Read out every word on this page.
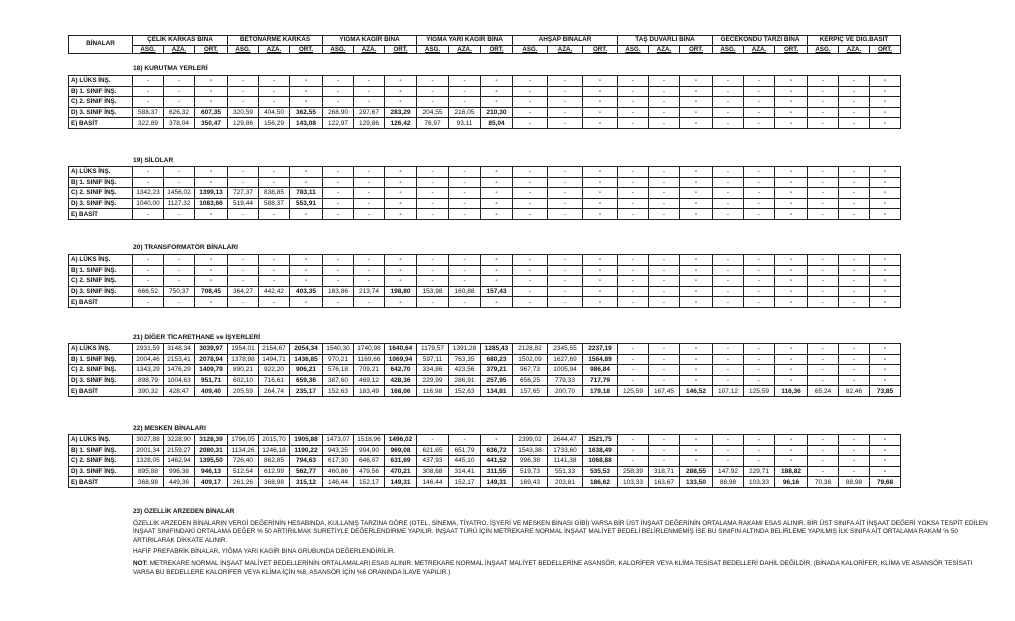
BİNALAR	ÇELİK KARKAS BİNA			BETONARME KARKAS			YIĞMA KAGİR BİNA			YIĞMA YARI KAGİR BİNA			AHŞAP BİNALAR			TAŞ DUVARLI BİNA			GECEKONDU TARZI BİNA			KERPİÇ VE DİĞ.BASİT		
	ASG.	AZA.	ORT.	ASG.	AZA.	ORT.	ASG.	AZA.	ORT.	ASG.	AZA.	ORT.	ASG.	AZA.	ORT.	ASG.	AZA.	ORT.	ASG.	AZA.	ORT.	ASG.	AZA.	ORT.
18) KURUTMA YERLERİ
A) LÜKS İNŞ.	-	-	-	-	-	-	-	-	-	-	-	-	-	-	-	-	-	-	-	-	-	-	-	-
B) 1. SINIF İNŞ.	-	-	-	-	-	-	-	-	-	-	-	-	-	-	-	-	-	-	-	-	-	-	-	-
C) 2. SINIF İNŞ.	-	-	-	-	-	-	-	-	-	-	-	-	-	-	-	-	-	-	-	-	-	-	-	-
D) 3. SINIF İNŞ.	588,37	626,32	607,35	320,59	404,50	362,55	268,90	297,67	283,29	204,55	216,05	210,30	-	-	-	-	-	-	-	-	-	-	-	-
E) BASİT	322,89	378,04	350,47	129,86	156,29	143,08	122,97	129,86	126,42	76,97	93,11	85,04	-	-	-	-	-	-	-	-	-	-	-	-
19) SİLOLAR
A) LÜKS İNŞ.	-	-	-	-	-	-	-	-	-	-	-	-	-	-	-	-	-	-	-	-	-	-	-	-
B) 1. SINIF İNŞ.	-	-	-	-	-	-	-	-	-	-	-	-	-	-	-	-	-	-	-	-	-	-	-	-
C) 2. SINIF İNŞ.	1342,23	1456,02	1399,13	727,37	838,85	783,11	-	-	-	-	-	-	-	-	-	-	-	-	-	-	-	-	-	-
D) 3. SINIF İNŞ.	1040,00	1127,32	1083,66	519,44	588,37	553,91	-	-	-	-	-	-	-	-	-	-	-	-	-	-	-	-	-	-
E) BASİT	-	-	-	-	-	-	-	-	-	-	-	-	-	-	-	-	-	-	-	-	-	-	-	-
20) TRANSFORMATÖR BİNALARI
A) LÜKS İNŞ.	-	-	-	-	-	-	-	-	-	-	-	-	-	-	-	-	-	-	-	-	-	-	-	-
B) 1. SINIF İNŞ.	-	-	-	-	-	-	-	-	-	-	-	-	-	-	-	-	-	-	-	-	-	-	-	-
C) 2. SINIF İNŞ.	-	-	-	-	-	-	-	-	-	-	-	-	-	-	-	-	-	-	-	-	-	-	-	-
D) 3. SINIF İNŞ.	666,52	750,37	708,45	364,27	442,42	403,35	183,86	213,74	198,80	153,98	160,88	157,43	-	-	-	-	-	-	-	-	-	-	-	-
E) BASİT	-	-	-	-	-	-	-	-	-	-	-	-	-	-	-	-	-	-	-	-	-	-	-	-
21) DİĞER TİCARETHANE ve İŞYERLERİ
A) LÜKS İNŞ.	2931,59	3148,34	3039,97	1954,01	2154,67	2054,34	1540,30	1740,98	1640,64	1179,57	1391,28	1285,43	2128,82	2345,55	2237,19	-	-	-	-	-	-	-	-	-
B) 1. SINIF İNŞ.	2004,46	2153,41	2078,94	1378,98	1494,71	1436,85	970,21	1169,66	1069,94	597,11	763,35	680,23	1502,09	1627,69	1564,89	-	-	-	-	-	-	-	-	-
C) 2. SINIF İNŞ.	1343,29	1476,29	1409,79	890,21	922,20	906,21	576,18	709,21	642,70	334,86	423,56	379,21	967,73	1005,94	986,84	-	-	-	-	-	-	-	-	-
D) 3. SINIF İNŞ.	898,79	1004,63	951,71	602,10	716,61	659,36	387,60	469,12	428,36	229,99	286,91	257,95	656,25	779,33	717,79	-	-	-	-	-	-	-	-	-
E) BASİT	390,32	428,47	409,40	205,59	264,74	235,17	152,63	183,49	168,06	116,98	152,63	134,81	157,65	200,70	179,18	125,59	167,45	146,52	107,12	125,59	116,36	65,24	82,46	73,85
22) MESKEN BİNALARI
A) LÜKS İNŞ.	3027,88	3228,90	3128,39	1796,05	2015,70	1905,88	1473,07	1518,96	1496,02	-	-	-	2399,02	2644,47	2521,75	-	-	-	-	-	-	-	-	-
B) 1. SINIF İNŞ.	2001,34	2159,27	2080,31	1134,26	1246,18	1190,22	943,25	994,90	969,08	621,65	651,79	636,72	1543,38	1733,60	1638,49	-	-	-	-	-	-	-	-	-
C) 2. SINIF İNŞ.	1328,05	1462,94	1395,50	726,40	862,85	794,63	617,30	646,07	631,69	437,93	445,10	441,52	996,38	1141,38	1068,88	-	-	-	-	-	-	-	-	-
D) 3. SINIF İNŞ.	895,88	996,38	946,13	512,54	612,99	562,77	460,86	479,56	470,21	308,68	314,41	311,55	519,73	551,33	535,53	258,39	318,71	288,55	147,92	229,71	188,82	-	-	-
E) BASİT	368,98	449,36	409,17	261,26	368,98	315,12	146,44	152,17	149,31	146,44	152,17	149,31	169,43	203,81	186,62	103,33	163,67	133,50	88,98	103,33	96,16	70,38	88,98	79,68

23) ÖZELLİK ARZEDEN BİNALAR

ÖZELLİK ARZEDEN BİNALARIN VERGİ DEĞERİNİN HESABINDA, KULLANIŞ TARZINA GÖRE (OTEL, SİNEMA, TİYATRO, İŞYERİ VE MESKEN BİNASI GİBİ) VARSA BİR ÜST İNŞAAT DEĞERİNİN ORTALAMA RAKAMI ESAS ALINIR. BİR ÜST SINIFA AİT İNŞAAT DEĞERİ YOKSA TESPİT EDİLEN İNŞAAT SINIFINDAKİ ORTALAMA DEĞER % 50 ARTIRILMAK SURETİYLE DEĞERLENDİRME YAPILIR. İNŞAAT TÜRÜ İÇİN METREKARE NORMAL İNŞAAT MALİYET BEDELİ BELİRLENMEMİŞ İSE BU SINIFIN ALTINDA BELİRLEME YAPILMIŞ İLK SINIFA AİT ORTALAMA RAKAM % 50 ARTIRILARAK DİKKATE ALINIR.

HAFİF PREFABRİK BİNALAR, YIĞMA YARI KAGİR BİNA GRUBUNDA DEĞERLENDİRİLİR.

NOT: METREKARE NORMAL İNŞAAT MALİYET BEDELLERİNİN ORTALAMALARI ESAS ALINIR. METREKARE NORMAL İNŞAAT MALİYET BEDELLERİNE ASANSÖR, KALORİFER VEYA KLİMA TESİSAT BEDELLERİ DAHİL DEĞİLDİR. (BİNADA KALORİFER, KLİMA VE ASANSÖR TESİSATI VARSA BU BEDELLERE KALORİFER VEYA KLİMA İÇİN %8, ASANSÖR İÇİN %6 ORANINDA İLAVE YAPILIR.)
